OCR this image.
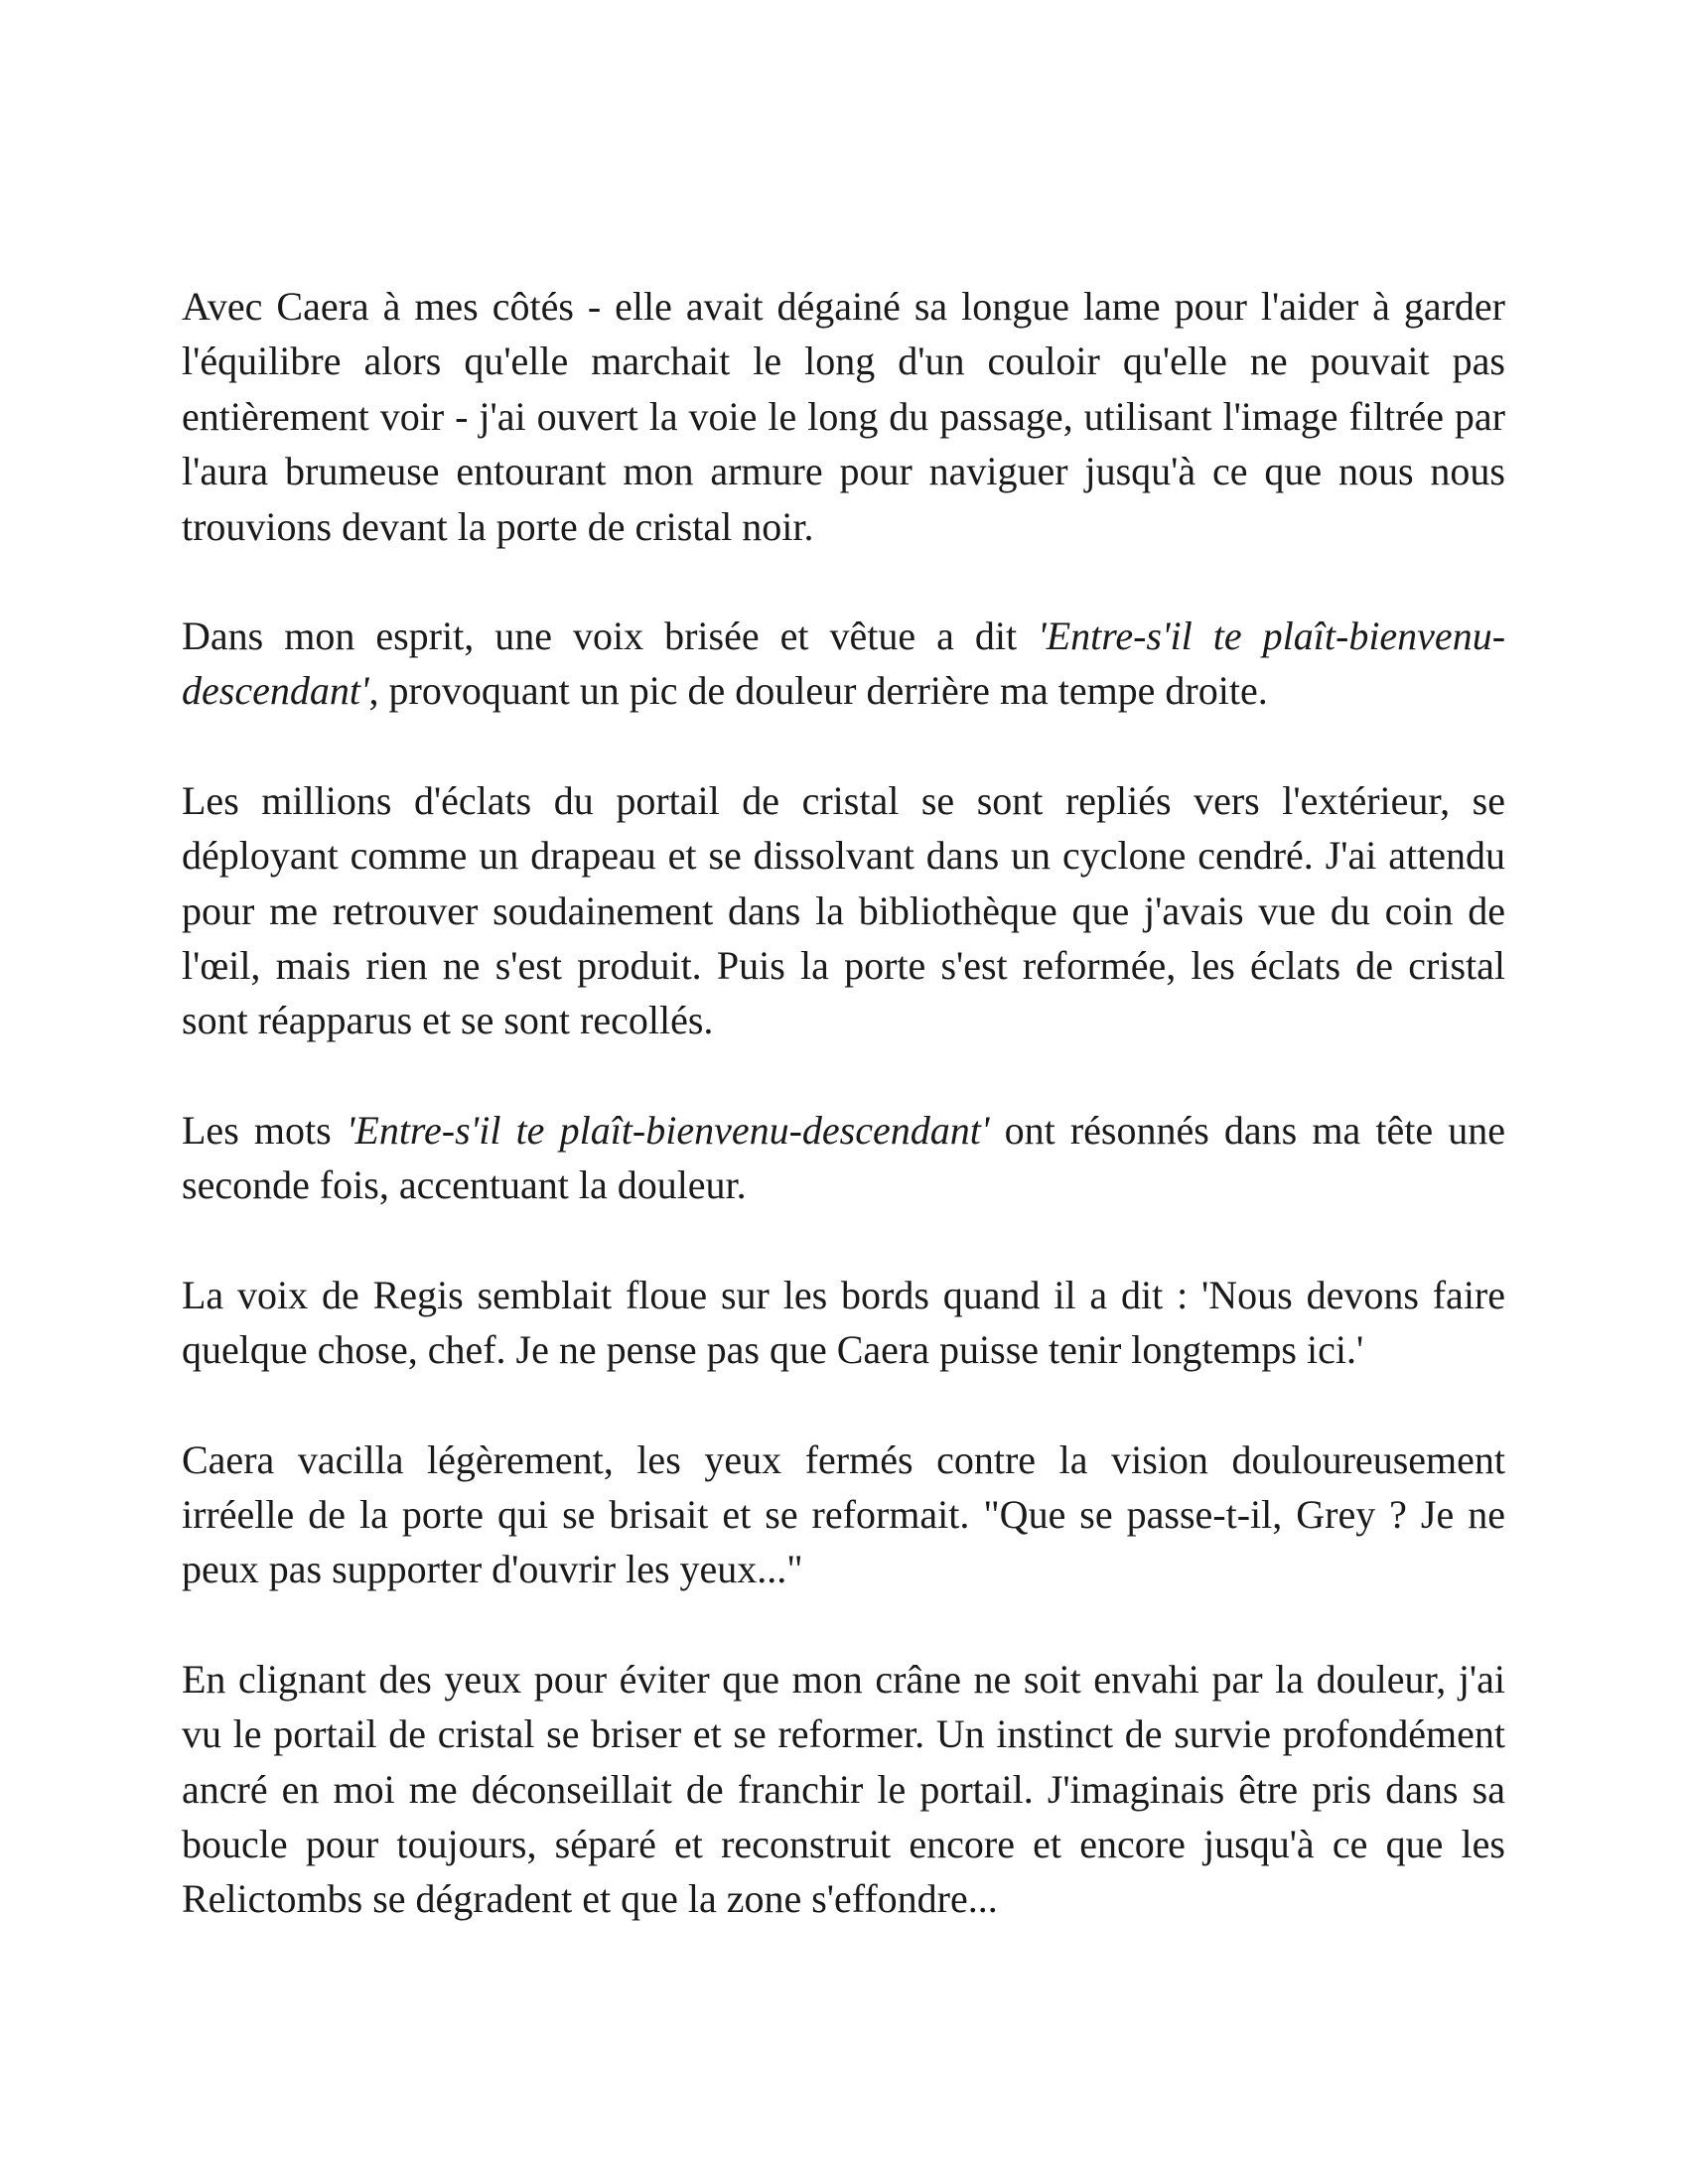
Avec Caera à mes côtés - elle avait dégainé sa longue lame pour l'aider à garder l'équilibre alors qu'elle marchait le long d'un couloir qu'elle ne pouvait pas entièrement voir - j'ai ouvert la voie le long du passage, utilisant l'image filtrée par l'aura brumeuse entourant mon armure pour naviguer jusqu'à ce que nous nous trouvions devant la porte de cristal noir.

Dans mon esprit, une voix brisée et vêtue a dit 'Entre-s'il te plaît-bienvenu-descendant', provoquant un pic de douleur derrière ma tempe droite.

Les millions d'éclats du portail de cristal se sont repliés vers l'extérieur, se déployant comme un drapeau et se dissolvant dans un cyclone cendré. J'ai attendu pour me retrouver soudainement dans la bibliothèque que j'avais vue du coin de l'œil, mais rien ne s'est produit. Puis la porte s'est reformée, les éclats de cristal sont réapparus et se sont recollés.

Les mots 'Entre-s'il te plaît-bienvenu-descendant' ont résonnés dans ma tête une seconde fois, accentuant la douleur.

La voix de Regis semblait floue sur les bords quand il a dit : 'Nous devons faire quelque chose, chef. Je ne pense pas que Caera puisse tenir longtemps ici.'

Caera vacilla légèrement, les yeux fermés contre la vision douloureusement irréelle de la porte qui se brisait et se reformait. "Que se passe-t-il, Grey ? Je ne peux pas supporter d'ouvrir les yeux..."

En clignant des yeux pour éviter que mon crâne ne soit envahi par la douleur, j'ai vu le portail de cristal se briser et se reformer. Un instinct de survie profondément ancré en moi me déconseillait de franchir le portail. J'imaginais être pris dans sa boucle pour toujours, séparé et reconstruit encore et encore jusqu'à ce que les Relictombs se dégradent et que la zone s'effondre...
